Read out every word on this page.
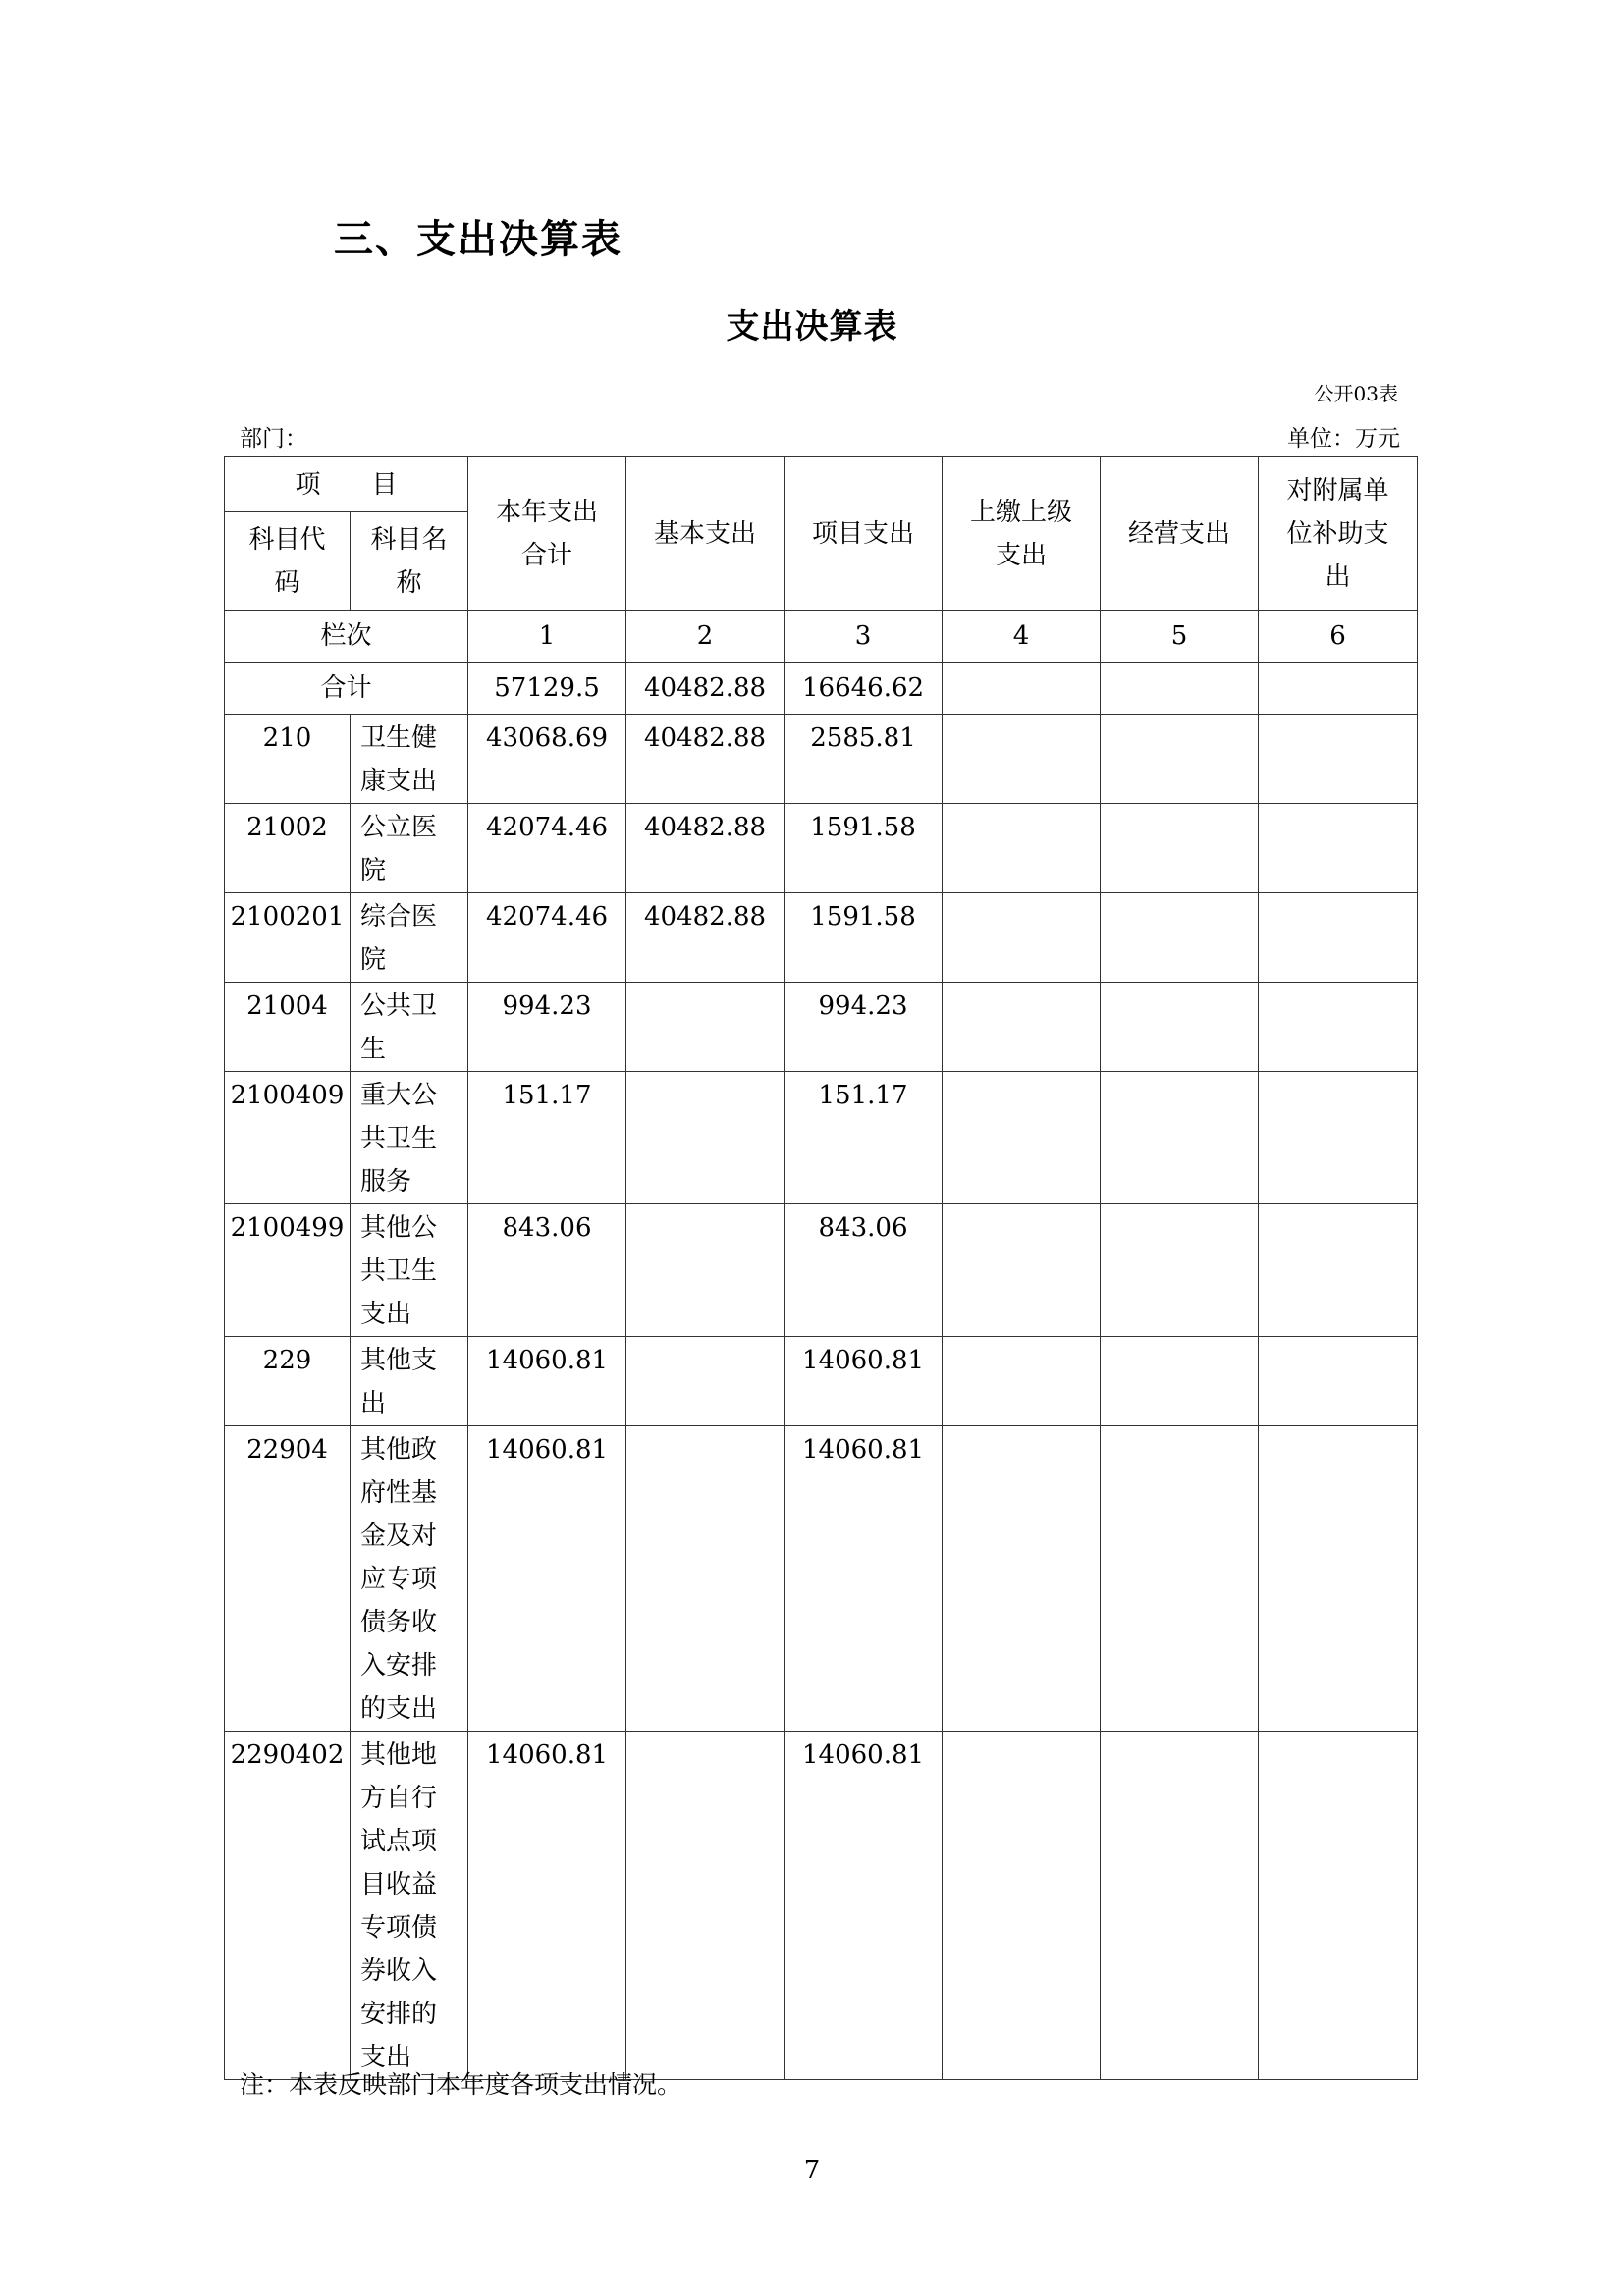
三、支出决算表
支出决算表
公开03表
部门：	单位：万元
项　　目		本年支出合计	基本支出	项目支出	上缴上级支出	经营支出	对附属单位补助支出
科目代码	科目名称						
栏次		1	2	3	4	5	6
合计		57129.5	40482.88	16646.62			
210	卫生健康支出	43068.69	40482.88	2585.81			
21002	公立医院	42074.46	40482.88	1591.58			
2100201	综合医院	42074.46	40482.88	1591.58			
21004	公共卫生	994.23		994.23			
2100409	重大公共卫生服务	151.17		151.17			
2100499	其他公共卫生支出	843.06		843.06			
229	其他支出	14060.81		14060.81			
22904	其他政府性基金及对应专项债务收入安排的支出	14060.81		14060.81			
2290402	其他地方自行试点项目收益专项债券收入安排的支出	14060.81		14060.81			
注：本表反映部门本年度各项支出情况。
7
